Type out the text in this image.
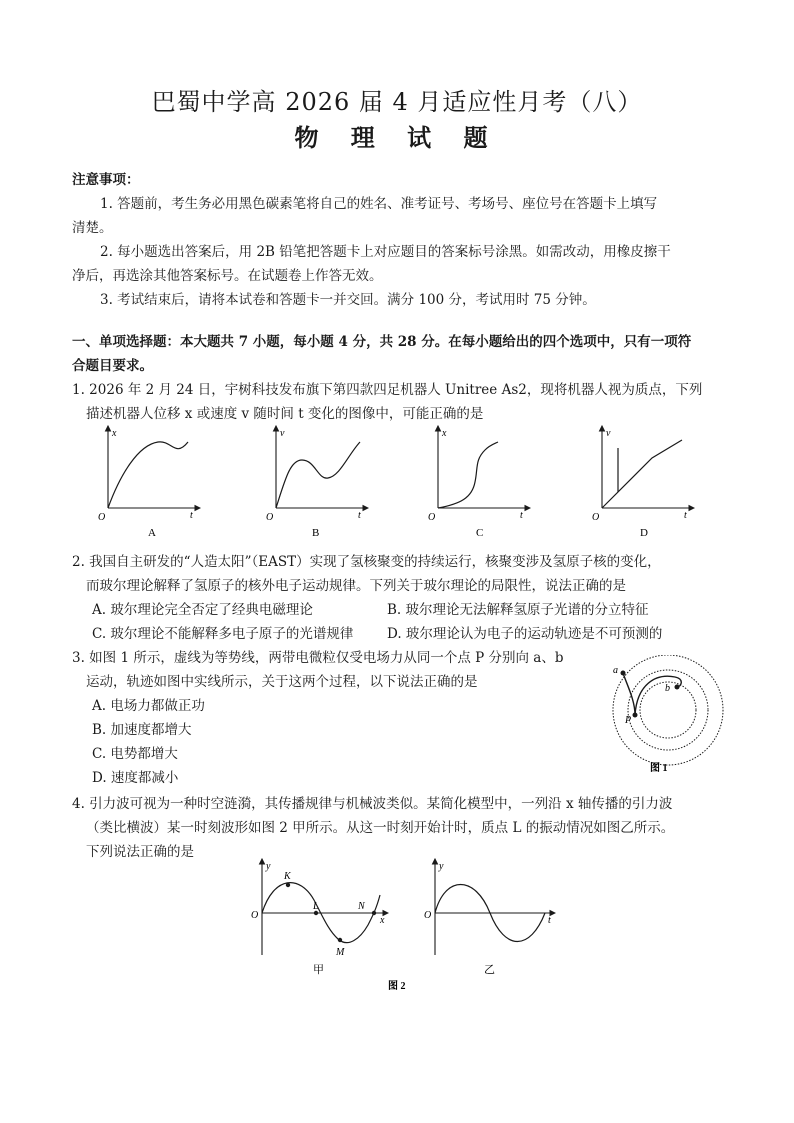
巴蜀中学高 2026 届 4 月适应性月考（八）
物 理 试 题
注意事项：
1. 答题前，考生务必用黑色碳素笔将自己的姓名、准考证号、考场号、座位号在答题卡上填写
清楚。
2. 每小题选出答案后，用 2B 铅笔把答题卡上对应题目的答案标号涂黑。如需改动，用橡皮擦干
净后，再选涂其他答案标号。在试题卷上作答无效。
3. 考试结束后，请将本试卷和答题卡一并交回。满分 100 分，考试用时 75 分钟。
一、单项选择题：本大题共 7 小题，每小题 4 分，共 28 分。在每小题给出的四个选项中，只有一项符
合题目要求。
1. 2026 年 2 月 24 日，宇树科技发布旗下第四款四足机器人 Unitree As2，现将机器人视为质点，下列
描述机器人位移 x 或速度 v 随时间 t 变化的图像中，可能正确的是
x
O	t
A
v
O	t
B
x
O	t
C
v
O	t
D
2. 我国自主研发的“人造太阳”（EAST）实现了氢核聚变的持续运行，核聚变涉及氢原子核的变化，
而玻尔理论解释了氢原子的核外电子运动规律。下列关于玻尔理论的局限性，说法正确的是
A. 玻尔理论完全否定了经典电磁理论	B. 玻尔理论无法解释氢原子光谱的分立特征
C. 玻尔理论不能解释多电子原子的光谱规律 D. 玻尔理论认为电子的运动轨迹是不可预测的
3. 如图 1 所示，虚线为等势线，两带电微粒仅受电场力从同一个点 P 分别向 a、b
运动，轨迹如图中实线所示，关于这两个过程，以下说法正确的是
A. 电场力都做正功
B. 加速度都增大
C. 电势都增大
D. 速度都减小
a
b
P
图 1
4. 引力波可视为一种时空涟漪，其传播规律与机械波类似。某简化模型中，一列沿 x 轴传播的引力波
（类比横波）某一时刻波形如图 2 甲所示。从这一时刻开始计时，质点 L 的振动情况如图乙所示。
下列说法正确的是
y
O	x
K
L
M
N
甲
y
O	t
乙
图 2
